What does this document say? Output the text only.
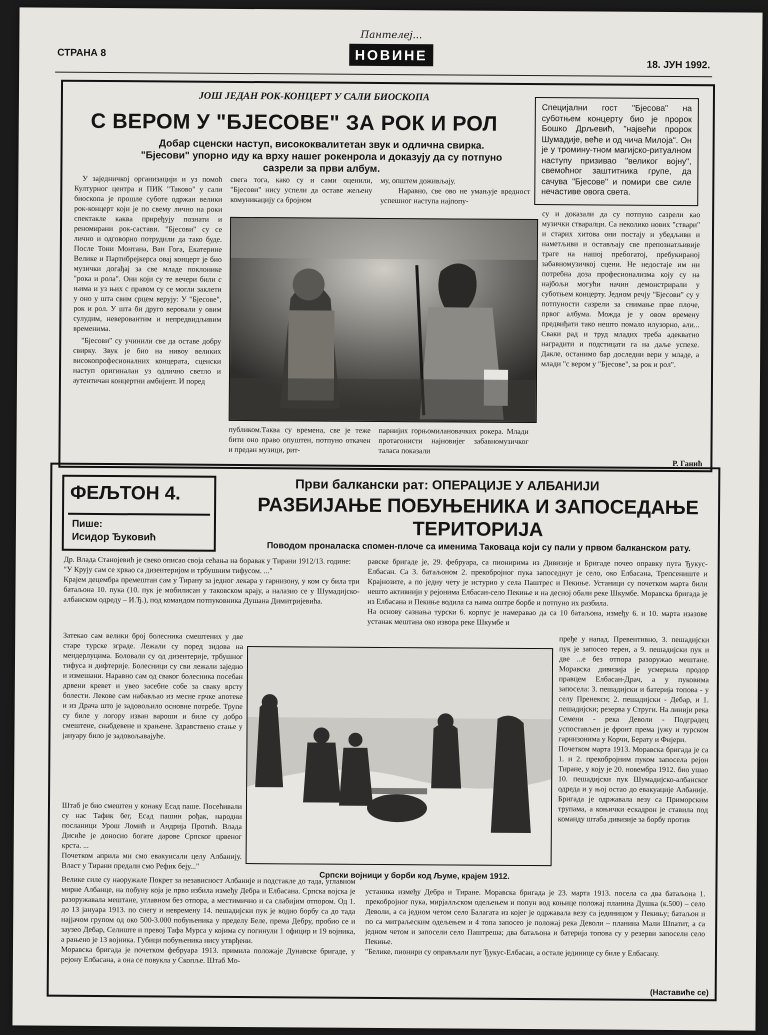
СТРАНА 8
Пантелеј...
НОВИНЕ
18. ЈУН 1992.
ЈОШ ЈЕДАН РОК-КОНЦЕРТ У САЛИ БИОСКОПА
С ВЕРОМ У "БЈЕСОВЕ" ЗА РОК И РОЛ
Добар сценски наступ, висококвалитетан звук и одлична свирка. "Бјесови" упорно иду ка врху нашег рокенрола и доказују да су потпуно сазрели за први албум.
Специјални гост "Бјесова" на суботњем концерту био је пророк Бошко Дрљевић, "највећи пророк Шумадије, веће и од чича Милоја". Он је у тромину-тном магијско-ритуалном наступу призивао "великог војну", свемоћног заштитника групе, да сачува "Бјесове" и помири све силе нечастиве овога света.

У заједничкој организацији и уз помоћ Културног центра и ПИК "Таково" у сали биоскопа је прошле суботе одржан велики рок-концерт који је по свему лично на роки спектакле каква приређују познати и реномирани рок-састави. "Бјесови" су се лично и одговорно потрудили да тако буде. После Тони Монтана, Ван Гога, Екатерине Велике и Партибрејкерса овај концерт је био музички догађај за све младе поклонике "рока и рола". Они који су те вечери били с њима и уз њих с правом су се могли заклети у оно у шта свим срцем верују: У "Бјесове", рок и рол. У шта би друго веровали у овим сулудим, неверовантим и непредвидљивим временима.

"Бјесови" су учинили све да оставе добру свирку. Звук је био на нивоу великих високопрофесионалних концерата, сценски наступ оригиналан уз одлично светло и аутентичан концертни амбијент. И поред

свега тога, како су и сами оценили, "Бјесови" нису успели да оставе жељену комуникацију са бројном
му, општем доживљају.
Наравно, све ово не умањује вредност успешног наступа најпопу-
публиком.Таква су времена, све је теже бити оно право опуштен, потпуно откачен и предан музици, рит-
парнијих горњомилановачких рокера. Млади протагонисти најновијег забавномузичког таласа показали
су и доказали да су потпуно сазрели као музички стваралци. Са неколико нових "ствари" и старих хитова они постају и убедљиви и наметљиви и остављају све препознатљивије траге на нашој пребогатој, пребукираној забавномузичкој сцени. Не недостаје им ни потребна доза професионализма коју су на најбољи могући начин демонстрирали у суботњем концерту. Једном речју "Бјесови" су у потпуности сазрели за снимање прве плоче, првог албума. Можда је у овом времену предвиђати тако нешто помало илузорно, али... Сваки рад и труд младих треба адекватно наградити и подстицати га на даље успехе. Дакле, останимо бар доследни вери у младе, а млади "с вером у "Бјесове", за рок и рол".
Р. Ганић
ФЕЉТОН 4.
Пише:
Исидор Ђуковић
Први балкански рат: ОПЕРАЦИЈЕ У АЛБАНИЈИ
РАЗБИЈАЊЕ ПОБУЊЕНИКА И ЗАПОСЕДАЊЕ ТЕРИТОРИЈА
Поводом проналаска спомен-плоче са именима Таковаца који су пали у првом балканском рату.
Др. Влада Станојевић је свеко описао своја сећања на боравак у Тирани 1912/13. године:
"У Крују сам се хрвао са дизентеријом и трбушним тифусом. ..."
Крајем децембра премештан сам у Тирану за једног лекара у гарнизону, у ком су била три батаљона 10. пука (10. пук је мобилисан у таковском крају, а налазио се у Шумадијско-албанском одреду – И.Ђ.), под командом потпуковника Душана Димитријевића.
Затекао сам велики број болесника смештених у две старе турске зграде. Лежали су поред зидова на мендерлуцима. Боловали су од дизентерије, трбушног тифуса и дифтерије. Болесници су сви лежали заједно и измешани. Наравно сам од сваког болесника посебан дрвени кревет и увео засебне собе за сваку врсту болести. Лекове сам набављао из месне грчке апотеке и из Драча што је задовољило основне потребе. Трупе су биле у логору изван вароши и биле су добро смештене, снабдевене и храњене. Здравствено стање у јануару било је задовољавајуће.
Штаб је био смештен у конаку Есад паше. Посећивали су нас Тафик бег, Есад пашин рођак, народни посланици Урош Ломић и Андрија Протић. Влада Дисиће је доносио богате дарове Српског црвеног крста. ...
Почетком априла ми смо евакуисали целу Албанију. Власт у Тирани предали смо Рефик беју..."
равске бригаде је, 29. фебруара, са пионирима из Дивизије и Бригаде почео оправку пута Ђукус-Елбасан. Са 3. батаљоном 2. прекобројног пука запоседнут је село, око Елбасана, Трепсениште и Крајнозите, а по једну чету је истурио у села Паштрес и Пекиње. Устаници су почетком марта били нешто активнији у рејонима Елбасан-село Пекиње и на десној обали реке Шкумбе. Моравска бригада је из Елбасана и Пекиње водила са њима оштре борбе и потпуно их разбила.
На основу сазнања турски 6. корпус је намеравао да са 10 батаљона, између 6. и 10. марта изазове устанак мештана око извора реке Шкумбе и
пређе у напад. Превентивно, 3. пешадијски пук је запосео терен, а 9. пешадијски пук и две ...е без отпора разоружао мештане. Моравска дивизија је усмерила продор правцем Елбасан-Драч, а у пуковима запосела: 3. пешадијски и батерија топова - у селу Пренекси; 2. пешадијски - Дебар, и 1. пешадијски; резерва у Струги. На линији река Семени - река Деволи - Подградец успостављен је фронт према јужу и турском гарнизонима у Корчи, Берату и Фијери.
Почетком марта 1913. Моравска бригада је са 1. и 2. прекобројним пуком запосела рејон Тиране, у коју је 20. новембра 1912. био ушао 10. пешадијски пук Шумадијско-албанског одреда и у њој остао до евакуације Албаније. Бригада је одржавала везу са Приморским трупама, а коњички ескадрон је ставила под команду штаба дивизије за борбу против
Српски војници у борби код Љуме, крајем 1912.
Велике силе су наоружале Покрет за независност Албаније и подстакле до тада, углавном мирне Албанце, на побуну која је прво избила између Дебра и Елбасана. Српска војска је разоружавала мештане, углавном без отпора, а местимично и са слабијим отпором. Од 1. до 13 јануара 1913. по снегу и невремену 14. пешадијски пук је водио борбу са до тада најјачом групом од око 500-3.000 побуњеника у пределу Беле, према Дебру, пробио се и заузео Дебар, Селиште и превој Тафа Мурса у којима су погинули 1 официр и 19 војника, а рањено је 13 војника. Губици побуњеника нису утврђени.
Моравска бригада је почетком фебруара 1913. примила положаје Дунавске бригаде, у рејону Елбасана, а она се повукла у Скопље. Штаб Мо-
устаника између Дебра и Тиране. Моравска бригада је 23. марта 1913. посела са два батаљона 1. прекобројног пука, мирјалљском одељењем и попун вод коњице положај планина Душка (к.500) – село Деволи, а са једном четом село Балагата из којег је одржавала везу са јединицом у Пекињу; батаљон и по са митраљеским одељењем и 4 топа запосео је положај река Деволи – планина Мали Шпатит, а са једном четом и запосели село Паштреша; два батаљона и батерија топова су у резерви запосели село Пекиње.
"Белике, пионири су опрaвљали пут Ђукус-Елбасан, а остале јединице су биле у Елбасану.
(Наставиће се)
